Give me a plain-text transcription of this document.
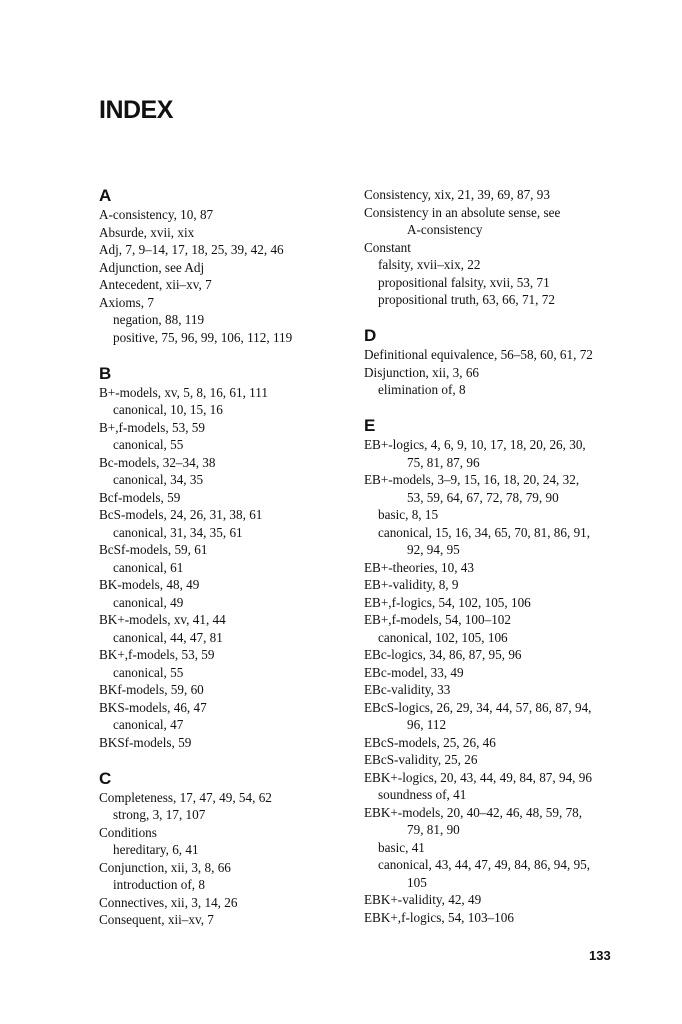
INDEX
A
A-consistency, 10, 87
Absurde, xvii, xix
Adj, 7, 9–14, 17, 18, 25, 39, 42, 46
Adjunction, see Adj
Antecedent, xii–xv, 7
Axioms, 7
negation, 88, 119
positive, 75, 96, 99, 106, 112, 119
B
B+-models, xv, 5, 8, 16, 61, 111
canonical, 10, 15, 16
B+,f-models, 53, 59
canonical, 55
Bc-models, 32–34, 38
canonical, 34, 35
Bcf-models, 59
BcS-models, 24, 26, 31, 38, 61
canonical, 31, 34, 35, 61
BcSf-models, 59, 61
canonical, 61
BK-models, 48, 49
canonical, 49
BK+-models, xv, 41, 44
canonical, 44, 47, 81
BK+,f-models, 53, 59
canonical, 55
BKf-models, 59, 60
BKS-models, 46, 47
canonical, 47
BKSf-models, 59
C
Completeness, 17, 47, 49, 54, 62
strong, 3, 17, 107
Conditions
hereditary, 6, 41
Conjunction, xii, 3, 8, 66
introduction of, 8
Connectives, xii, 3, 14, 26
Consequent, xii–xv, 7
Consistency, xix, 21, 39, 69, 87, 93
Consistency in an absolute sense, see
A-consistency
Constant
falsity, xvii–xix, 22
propositional falsity, xvii, 53, 71
propositional truth, 63, 66, 71, 72
D
Definitional equivalence, 56–58, 60, 61, 72
Disjunction, xii, 3, 66
elimination of, 8
E
EB+-logics, 4, 6, 9, 10, 17, 18, 20, 26, 30,
75, 81, 87, 96
EB+-models, 3–9, 15, 16, 18, 20, 24, 32,
53, 59, 64, 67, 72, 78, 79, 90
basic, 8, 15
canonical, 15, 16, 34, 65, 70, 81, 86, 91,
92, 94, 95
EB+-theories, 10, 43
EB+-validity, 8, 9
EB+,f-logics, 54, 102, 105, 106
EB+,f-models, 54, 100–102
canonical, 102, 105, 106
EBc-logics, 34, 86, 87, 95, 96
EBc-model, 33, 49
EBc-validity, 33
EBcS-logics, 26, 29, 34, 44, 57, 86, 87, 94,
96, 112
EBcS-models, 25, 26, 46
EBcS-validity, 25, 26
EBK+-logics, 20, 43, 44, 49, 84, 87, 94, 96
soundness of, 41
EBK+-models, 20, 40–42, 46, 48, 59, 78,
79, 81, 90
basic, 41
canonical, 43, 44, 47, 49, 84, 86, 94, 95,
105
EBK+-validity, 42, 49
EBK+,f-logics, 54, 103–106
133
